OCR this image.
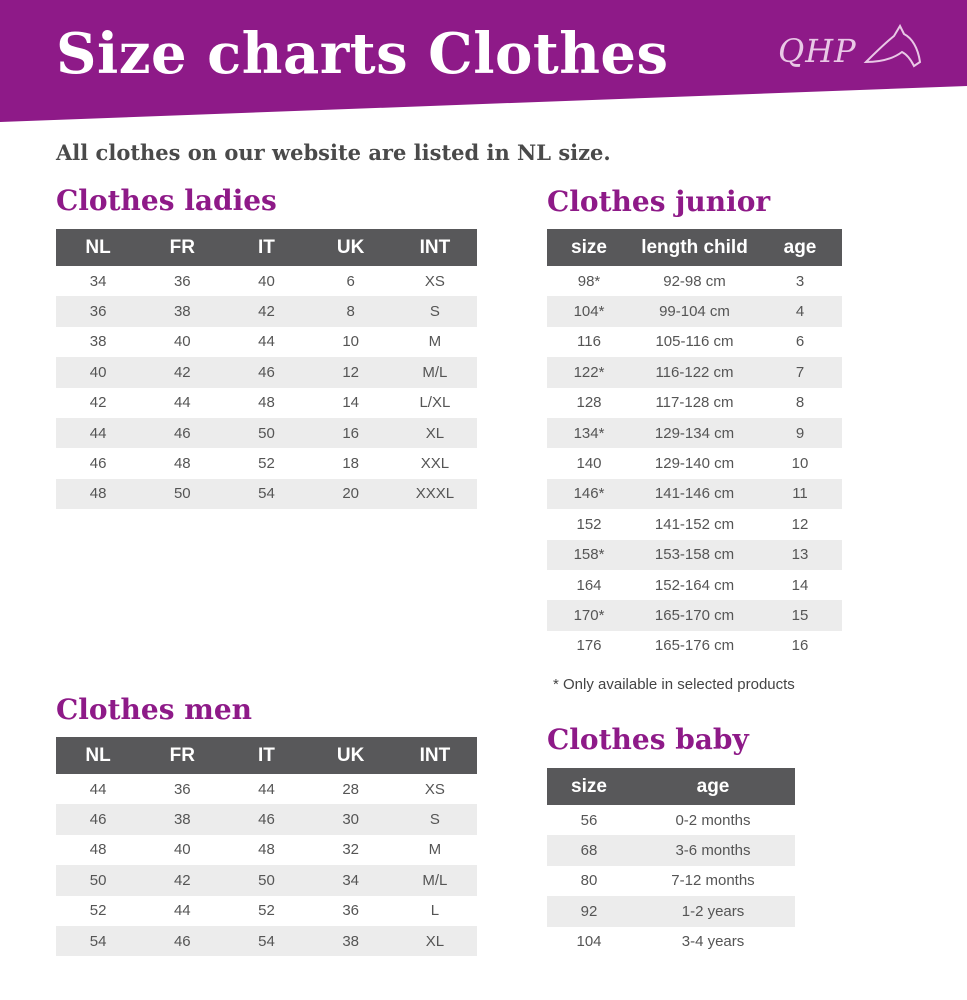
Size charts Clothes	QHP

All clothes on our website are listed in NL size.

Clothes ladies
NL	FR	IT	UK	INT
34	36	40	6	XS
36	38	42	8	S
38	40	44	10	M
40	42	46	12	M/L
42	44	48	14	L/XL
44	46	50	16	XL
46	48	52	18	XXL
48	50	54	20	XXXL
Clothes men
NL	FR	IT	UK	INT
44	36	44	28	XS
46	38	46	30	S
48	40	48	32	M
50	42	50	34	M/L
52	44	52	36	L
54	46	54	38	XL
Clothes junior
size	length child	age
98*	92-98 cm	3
104*	99-104 cm	4
116	105-116 cm	6
122*	116-122 cm	7
128	117-128 cm	8
134*	129-134 cm	9
140	129-140 cm	10
146*	141-146 cm	11
152	141-152 cm	12
158*	153-158 cm	13
164	152-164 cm	14
170*	165-170 cm	15
176	165-176 cm	16

* Only available in selected products

Clothes baby
size	age
56	0-2 months
68	3-6 months
80	7-12 months
92	1-2 years
104	3-4 years
